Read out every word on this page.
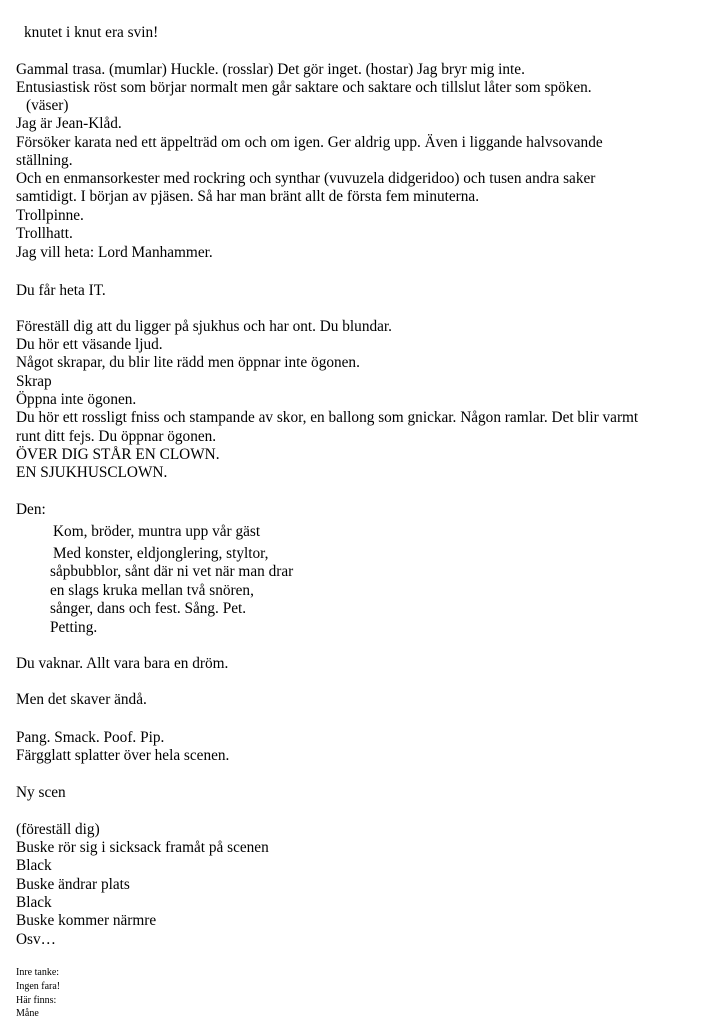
knutet i knut era svin!

Gammal trasa. (mumlar) Huckle. (rosslar) Det gör inget. (hostar) Jag bryr mig inte.

Entusiastisk röst som börjar normalt men går saktare och saktare och tillslut låter som spöken.

(väser)

Jag är Jean-Klåd.

Försöker karata ned ett äppelträd om och om igen. Ger aldrig upp. Även i liggande halvsovande

ställning.

Och en enmansorkester med rockring och synthar (vuvuzela didgeridoo) och tusen andra saker

samtidigt. I början av pjäsen. Så har man bränt allt de första fem minuterna.

Trollpinne.

Trollhatt.

Jag vill heta: Lord Manhammer.

Du får heta IT.

Föreställ dig att du ligger på sjukhus och har ont. Du blundar.

Du hör ett väsande ljud.

Något skrapar, du blir lite rädd men öppnar inte ögonen.

Skrap

Öppna inte ögonen.

Du hör ett rossligt fniss och stampande av skor, en ballong som gnickar. Någon ramlar. Det blir varmt

runt ditt fejs. Du öppnar ögonen.

ÖVER DIG STÅR EN CLOWN.

EN SJUKHUSCLOWN.

Den:

Kom, bröder, muntra upp vår gäst

Med konster, eldjonglering, styltor,

såpbubblor, sånt där ni vet när man drar

en slags kruka mellan två snören,

sånger, dans och fest. Sång. Pet.

Petting.

Du vaknar. Allt vara bara en dröm.

Men det skaver ändå.

Pang. Smack. Poof. Pip.

Färgglatt splatter över hela scenen.

Ny scen

(föreställ dig)

Buske rör sig i sicksack framåt på scenen

Black

Buske ändrar plats

Black

Buske kommer närmre

Osv…

Inre tanke:

Ingen fara!

Här finns:

Måne
